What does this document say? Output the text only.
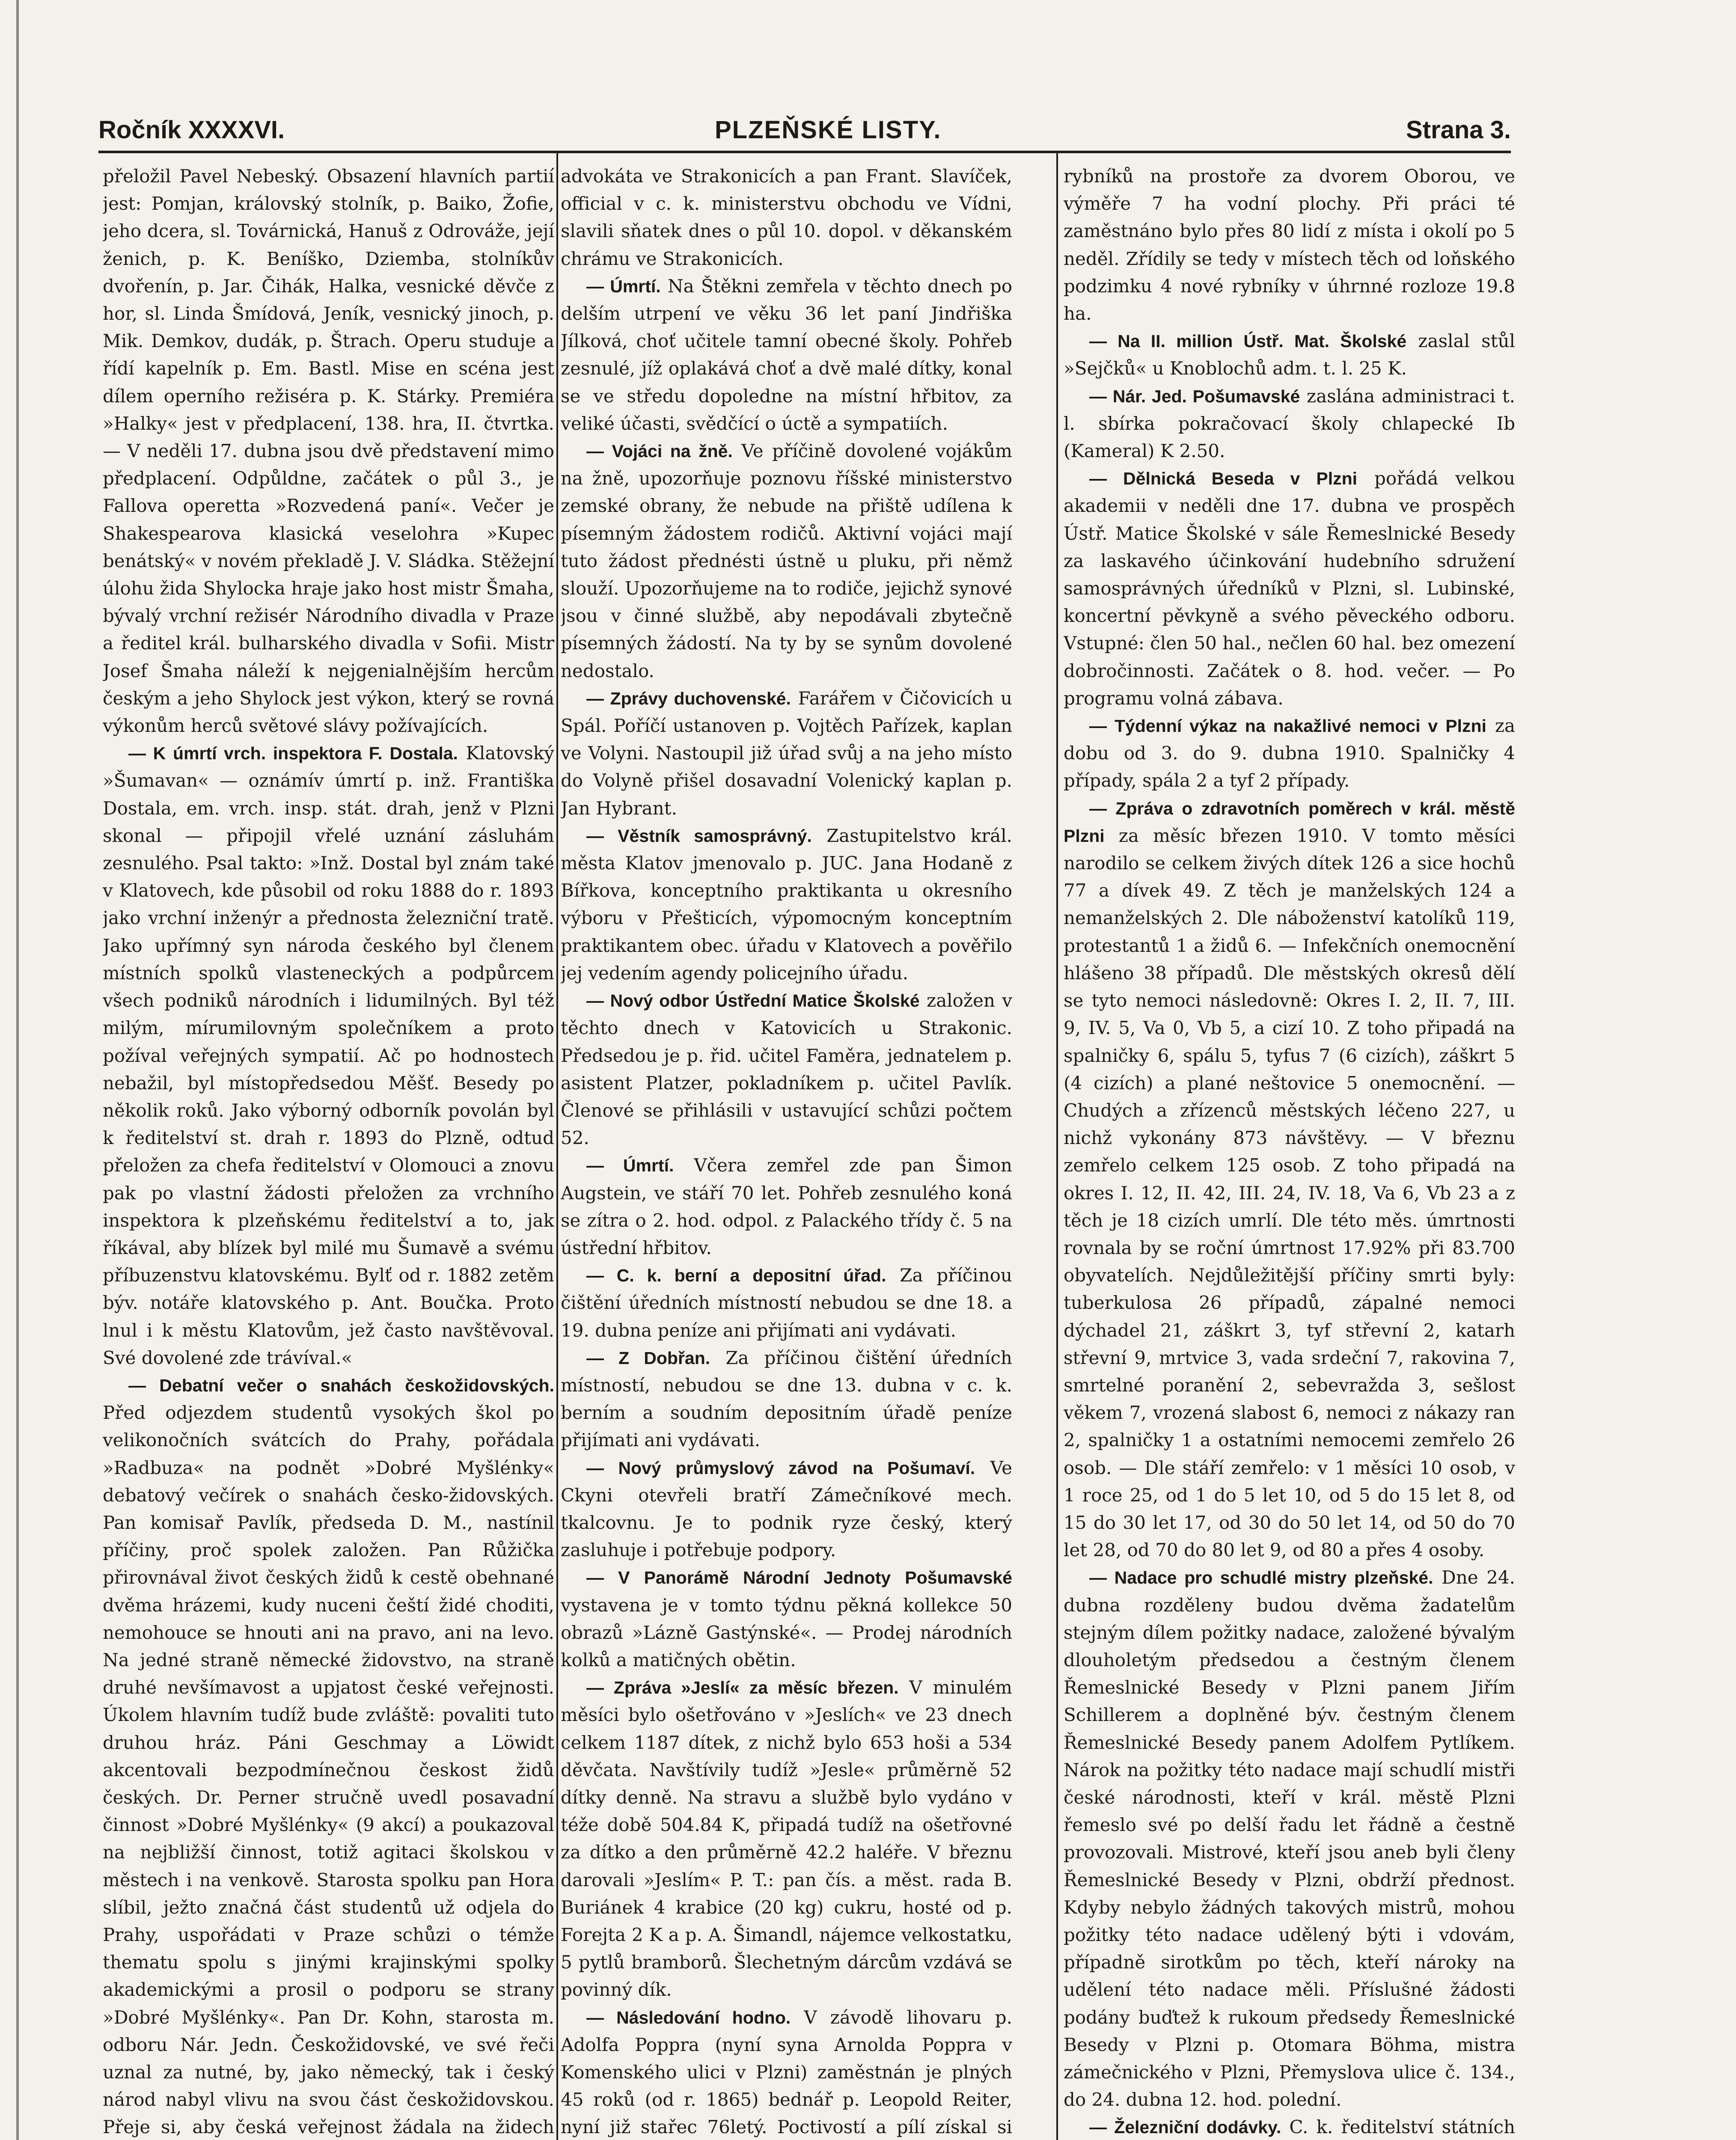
Ročník XXXXVI.	PLZEŇSKÉ LISTY.	Strana 3.

přeložil Pavel Nebeský. Obsazení hlavních partií jest: Pomjan, královský stolník, p. Baiko, Žofie, jeho dcera, sl. Továrnická, Hanuš z Odrováže, její ženich, p. K. Beníško, Dziemba, stolníkův dvořenín, p. Jar. Čihák, Halka, vesnické děvče z hor, sl. Linda Šmídová, Jeník, vesnický jinoch, p. Mik. Demkov, dudák, p. Štrach. Operu studuje a řídí kapelník p. Em. Bastl. Mise en scéna jest dílem operního režiséra p. K. Stárky. Premiéra »Halky« jest v předplacení, 138. hra, II. čtvrtka. — V neděli 17. dubna jsou dvě představení mimo předplacení. Odpůldne, začátek o půl 3., je Fallova operetta »Rozvedená paní«. Večer je Shakespearova klasická veselohra »Kupec benátský« v novém překladě J. V. Sládka. Stěžejní úlohu žida Shylocka hraje jako host mistr Šmaha, bývalý vrchní režisér Národního divadla v Praze a ředitel král. bulharského divadla v Sofii. Mistr Josef Šmaha náleží k nejgenialnějším hercům českým a jeho Shylock jest výkon, který se rovná výkonům herců světové slávy požívajících.

— K úmrtí vrch. inspektora F. Dostala. Klatovský »Šumavan« — oznámív úmrtí p. inž. Františka Dostala, em. vrch. insp. stát. drah, jenž v Plzni skonal — připojil vřelé uznání zásluhám zesnulého. Psal takto: »Inž. Dostal byl znám také v Klatovech, kde působil od roku 1888 do r. 1893 jako vrchní inženýr a přednosta železniční tratě. Jako upřímný syn národa českého byl členem místních spolků vlasteneckých a podpůrcem všech podniků národních i lidumilných. Byl též milým, mírumilovným společníkem a proto požíval veřejných sympatií. Ač po hodnostech nebažil, byl místopředsedou Měšť. Besedy po několik roků. Jako výborný odborník povolán byl k ředitelství st. drah r. 1893 do Plzně, odtud přeložen za chefa ředitelství v Olomouci a znovu pak po vlastní žádosti přeložen za vrchního inspektora k plzeňskému ředitelství a to, jak říkával, aby blízek byl milé mu Šumavě a svému příbuzenstvu klatovskému. Bylť od r. 1882 zetěm býv. notáře klatovského p. Ant. Boučka. Proto lnul i k městu Klatovům, jež často navštěvoval. Své dovolené zde trávíval.«

— Debatní večer o snahách českožidovských. Před odjezdem studentů vysokých škol po velikonočních svátcích do Prahy, pořádala »Radbuza« na podnět »Dobré Myšlénky« debatový večírek o snahách česko-židovských. Pan komisař Pavlík, předseda D. M., nastínil příčiny, proč spolek založen. Pan Růžička přirovnával život českých židů k cestě obehnané dvěma hrázemi, kudy nuceni čeští židé choditi, nemohouce se hnouti ani na pravo, ani na levo. Na jedné straně německé židovstvo, na straně druhé nevšímavost a upjatost české veřejnosti. Úkolem hlavním tudíž bude zvláště: povaliti tuto druhou hráz. Páni Geschmay a Löwidt akcentovali bezpodmínečnou českost židů českých. Dr. Perner stručně uvedl posavadní činnost »Dobré Myšlénky« (9 akcí) a poukazoval na nejbližší činnost, totiž agitaci školskou v městech i na venkově. Starosta spolku pan Hora slíbil, ježto značná část studentů už odjela do Prahy, uspořádati v Praze schůzi o témže thematu spolu s jinými krajinskými spolky akademickými a prosil o podporu se strany »Dobré Myšlénky«. Pan Dr. Kohn, starosta m. odboru Nár. Jedn. Českožidovské, ve své řeči uznal za nutné, by, jako německý, tak i český národ nabyl vlivu na svou část českožidovskou. Přeje si, aby česká veřejnost žádala na židech

advokáta ve Strakonicích a pan Frant. Slavíček, official v c. k. ministerstvu obchodu ve Vídni, slavili sňatek dnes o půl 10. dopol. v děkanském chrámu ve Strakonicích.

— Úmrtí. Na Štěkni zemřela v těchto dnech po delším utrpení ve věku 36 let paní Jindřiška Jílková, choť učitele tamní obecné školy. Pohřeb zesnulé, jíž oplakává choť a dvě malé dítky, konal se ve středu dopoledne na místní hřbitov, za veliké účasti, svědčící o úctě a sympatiích.

— Vojáci na žně. Ve příčině dovolené vojákům na žně, upozorňuje poznovu říšské ministerstvo zemské obrany, že nebude na přiště udílena k písemným žádostem rodičů. Aktivní vojáci mají tuto žádost přednésti ústně u pluku, při němž slouží. Upozorňujeme na to rodiče, jejichž synové jsou v činné službě, aby nepodávali zbytečně písemných žádostí. Na ty by se synům dovolené nedostalo.

— Zprávy duchovenské. Farářem v Čičovicích u Spál. Poříčí ustanoven p. Vojtěch Pařízek, kaplan ve Volyni. Nastoupil již úřad svůj a na jeho místo do Volyně přišel dosavadní Volenický kaplan p. Jan Hybrant.

— Věstník samosprávný. Zastupitelstvo král. města Klatov jmenovalo p. JUC. Jana Hodaně z Bířkova, konceptního praktikanta u okresního výboru v Přešticích, výpomocným konceptním praktikantem obec. úřadu v Klatovech a pověřilo jej vedením agendy policejního úřadu.

— Nový odbor Ústřední Matice Školské založen v těchto dnech v Katovicích u Strakonic. Předsedou je p. řid. učitel Faměra, jednatelem p. asistent Platzer, pokladníkem p. učitel Pavlík. Členové se přihlásili v ustavující schůzi počtem 52.

— Úmrtí. Včera zemřel zde pan Šimon Augstein, ve stáří 70 let. Pohřeb zesnulého koná se zítra o 2. hod. odpol. z Palackého třídy č. 5 na ústřední hřbitov.

— C. k. berní a depositní úřad. Za příčinou čištění úředních místností nebudou se dne 18. a 19. dubna peníze ani přijímati ani vydávati.

— Z Dobřan. Za příčinou čištění úředních místností, nebudou se dne 13. dubna v c. k. berním a soudním depositním úřadě peníze přijímati ani vydávati.

— Nový průmyslový závod na Pošumaví. Ve Ckyni otevřeli bratří Zámečníkové mech. tkalcovnu. Je to podnik ryze český, který zasluhuje i potřebuje podpory.

— V Panorámě Národní Jednoty Pošumavské vystavena je v tomto týdnu pěkná kollekce 50 obrazů »Lázně Gastýnské«. — Prodej národních kolků a matičných obětin.

— Zpráva »Jeslí« za měsíc březen. V minulém měsíci bylo ošetřováno v »Jeslích« ve 23 dnech celkem 1187 dítek, z nichž bylo 653 hoši a 534 děvčata. Navštívily tudíž »Jesle« průměrně 52 dítky denně. Na stravu a službě bylo vydáno v téže době 504.84 K, připadá tudíž na ošetřovné za dítko a den průměrně 42.2 haléře. V březnu darovali »Jeslím« P. T.: pan čís. a měst. rada B. Buriánek 4 krabice (20 kg) cukru, hosté od p. Forejta 2 K a p. A. Šimandl, nájemce velkostatku, 5 pytlů bramborů. Šlechetným dárcům vzdává se povinný dík.

— Následování hodno. V závodě lihovaru p. Adolfa Poppra (nyní syna Arnolda Poppra v Komenského ulici v Plzni) zaměstnán je plných 45 roků (od r. 1865) bednář p. Leopold Reiter, nyní již stařec 76letý. Poctivostí a pílí získal si

rybníků na prostoře za dvorem Oborou, ve výměře 7 ha vodní plochy. Při práci té zaměstnáno bylo přes 80 lidí z místa i okolí po 5 neděl. Zřídily se tedy v místech těch od loňského podzimku 4 nové rybníky v úhrnné rozloze 19.8 ha.

— Na II. million Ústř. Mat. Školské zaslal stůl »Sejčků« u Knoblochů adm. t. l. 25 K.

— Nár. Jed. Pošumavské zaslána administraci t. l. sbírka pokračovací školy chlapecké Ib (Kameral) K 2.50.

— Dělnická Beseda v Plzni pořádá velkou akademii v neděli dne 17. dubna ve prospěch Ústř. Matice Školské v sále Řemeslnické Besedy za laskavého účinkování hudebního sdružení samosprávných úředníků v Plzni, sl. Lubinské, koncertní pěvkyně a svého pěveckého odboru. Vstupné: člen 50 hal., nečlen 60 hal. bez omezení dobročinnosti. Začátek o 8. hod. večer. — Po programu volná zábava.

— Týdenní výkaz na nakažlivé nemoci v Plzni za dobu od 3. do 9. dubna 1910. Spalničky 4 případy, spála 2 a tyf 2 případy.

— Zpráva o zdravotních poměrech v král. městě Plzni za měsíc březen 1910. V tomto měsíci narodilo se celkem živých dítek 126 a sice hochů 77 a dívek 49. Z těch je manželských 124 a nemanželských 2. Dle náboženství katolíků 119, protestantů 1 a židů 6. — Infekčních onemocnění hlášeno 38 případů. Dle městských okresů dělí se tyto nemoci následovně: Okres I. 2, II. 7, III. 9, IV. 5, Va 0, Vb 5, a cizí 10. Z toho připadá na spalničky 6, spálu 5, tyfus 7 (6 cizích), záškrt 5 (4 cizích) a plané neštovice 5 onemocnění. — Chudých a zřízenců městských léčeno 227, u nichž vykonány 873 návštěvy. — V březnu zemřelo celkem 125 osob. Z toho připadá na okres I. 12, II. 42, III. 24, IV. 18, Va 6, Vb 23 a z těch je 18 cizích umrlí. Dle této měs. úmrtnosti rovnala by se roční úmrtnost 17.92% při 83.700 obyvatelích. Nejdůležitější příčiny smrti byly: tuberkulosa 26 případů, zápalné nemoci dýchadel 21, záškrt 3, tyf střevní 2, katarh střevní 9, mrtvice 3, vada srdeční 7, rakovina 7, smrtelné poranění 2, sebevražda 3, sešlost věkem 7, vrozená slabost 6, nemoci z nákazy ran 2, spalničky 1 a ostatními nemocemi zemřelo 26 osob. — Dle stáří zemřelo: v 1 měsíci 10 osob, v 1 roce 25, od 1 do 5 let 10, od 5 do 15 let 8, od 15 do 30 let 17, od 30 do 50 let 14, od 50 do 70 let 28, od 70 do 80 let 9, od 80 a přes 4 osoby.

— Nadace pro schudlé mistry plzeňské. Dne 24. dubna rozděleny budou dvěma žadatelům stejným dílem požitky nadace, založené bývalým dlouholetým předsedou a čestným členem Řemeslnické Besedy v Plzni panem Jiřím Schillerem a doplněné býv. čestným členem Řemeslnické Besedy panem Adolfem Pytlíkem. Nárok na požitky této nadace mají schudlí mistři české národnosti, kteří v král. městě Plzni řemeslo své po delší řadu let řádně a čestně provozovali. Mistrové, kteří jsou aneb byli členy Řemeslnické Besedy v Plzni, obdrží přednost. Kdyby nebylo žádných takových mistrů, mohou požitky této nadace udělený býti i vdovám, případně sirotkům po těch, kteří nároky na udělení této nadace měli. Příslušné žádosti podány buďtež k rukoum předsedy Řemeslnické Besedy v Plzni p. Otomara Böhma, mistra zámečnického v Plzni, Přemyslova ulice č. 134., do 24. dubna 12. hod. polední.

— Železniční dodávky. C. k. ředitelství státních
